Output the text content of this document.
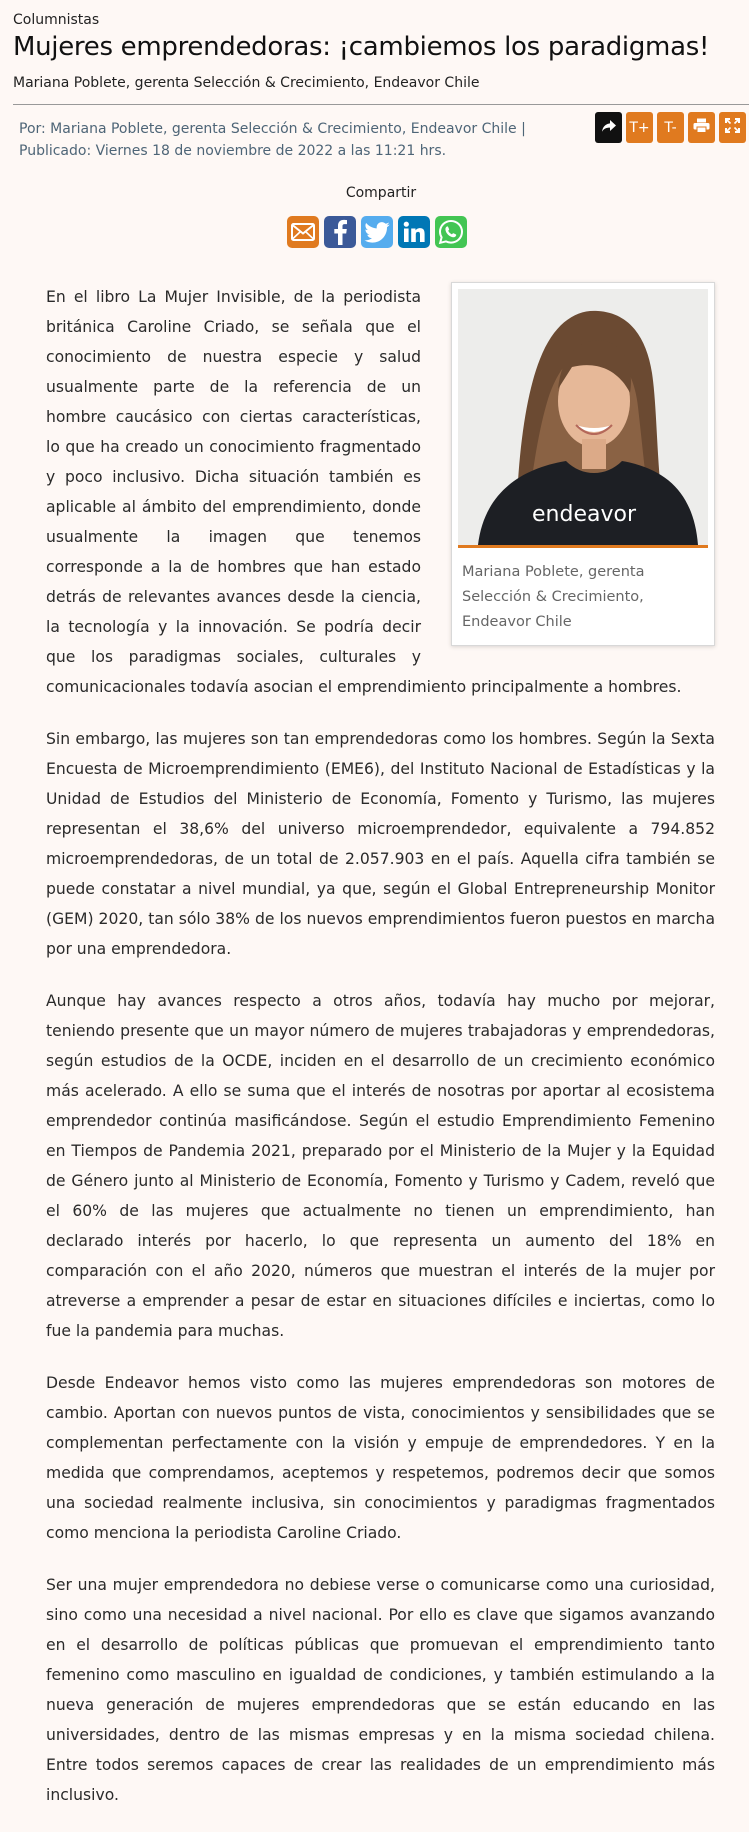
Columnistas
Mujeres emprendedoras: ¡cambiemos los paradigmas!
Mariana Poblete, gerenta Selección & Crecimiento, Endeavor Chile
Por: Mariana Poblete, gerenta Selección & Crecimiento, Endeavor Chile |
Publicado: Viernes 18 de noviembre de 2022 a las 11:21 hrs.
T+	T-
Compartir
endeavor
Mariana Poblete, gerenta Selección & Crecimiento, Endeavor Chile

En el libro La Mujer Invisible, de la periodista británica Caroline Criado, se señala que el conocimiento de nuestra especie y salud usualmente parte de la referencia de un hombre caucásico con ciertas características, lo que ha creado un conocimiento fragmentado y poco inclusivo. Dicha situación también es aplicable al ámbito del emprendimiento, donde usualmente la imagen que tenemos corresponde a la de hombres que han estado detrás de relevantes avances desde la ciencia, la tecnología y la innovación. Se podría decir que los paradigmas sociales, culturales y comunicacionales todavía asocian el emprendimiento principalmente a hombres.

Sin embargo, las mujeres son tan emprendedoras como los hombres. Según la Sexta Encuesta de Microemprendimiento (EME6), del Instituto Nacional de Estadísticas y la Unidad de Estudios del Ministerio de Economía, Fomento y Turismo, las mujeres representan el 38,6% del universo microemprendedor, equivalente a 794.852 microemprendedoras, de un total de 2.057.903 en el país. Aquella cifra también se puede constatar a nivel mundial, ya que, según el Global Entrepreneurship Monitor (GEM) 2020, tan sólo 38% de los nuevos emprendimientos fueron puestos en marcha por una emprendedora.

Aunque hay avances respecto a otros años, todavía hay mucho por mejorar, teniendo presente que un mayor número de mujeres trabajadoras y emprendedoras, según estudios de la OCDE, inciden en el desarrollo de un crecimiento económico más acelerado. A ello se suma que el interés de nosotras por aportar al ecosistema emprendedor continúa masificándose. Según el estudio Emprendimiento Femenino en Tiempos de Pandemia 2021, preparado por el Ministerio de la Mujer y la Equidad de Género junto al Ministerio de Economía, Fomento y Turismo y Cadem, reveló que el 60% de las mujeres que actualmente no tienen un emprendimiento, han declarado interés por hacerlo, lo que representa un aumento del 18% en comparación con el año 2020, números que muestran el interés de la mujer por atreverse a emprender a pesar de estar en situaciones difíciles e inciertas, como lo fue la pandemia para muchas.

Desde Endeavor hemos visto como las mujeres emprendedoras son motores de cambio. Aportan con nuevos puntos de vista, conocimientos y sensibilidades que se complementan perfectamente con la visión y empuje de emprendedores. Y en la medida que comprendamos, aceptemos y respetemos, podremos decir que somos una sociedad realmente inclusiva, sin conocimientos y paradigmas fragmentados como menciona la periodista Caroline Criado.

Ser una mujer emprendedora no debiese verse o comunicarse como una curiosidad, sino como una necesidad a nivel nacional. Por ello es clave que sigamos avanzando en el desarrollo de políticas públicas que promuevan el emprendimiento tanto femenino como masculino en igualdad de condiciones, y también estimulando a la nueva generación de mujeres emprendedoras que se están educando en las universidades, dentro de las mismas empresas y en la misma sociedad chilena. Entre todos seremos capaces de crear las realidades de un emprendimiento más inclusivo.
